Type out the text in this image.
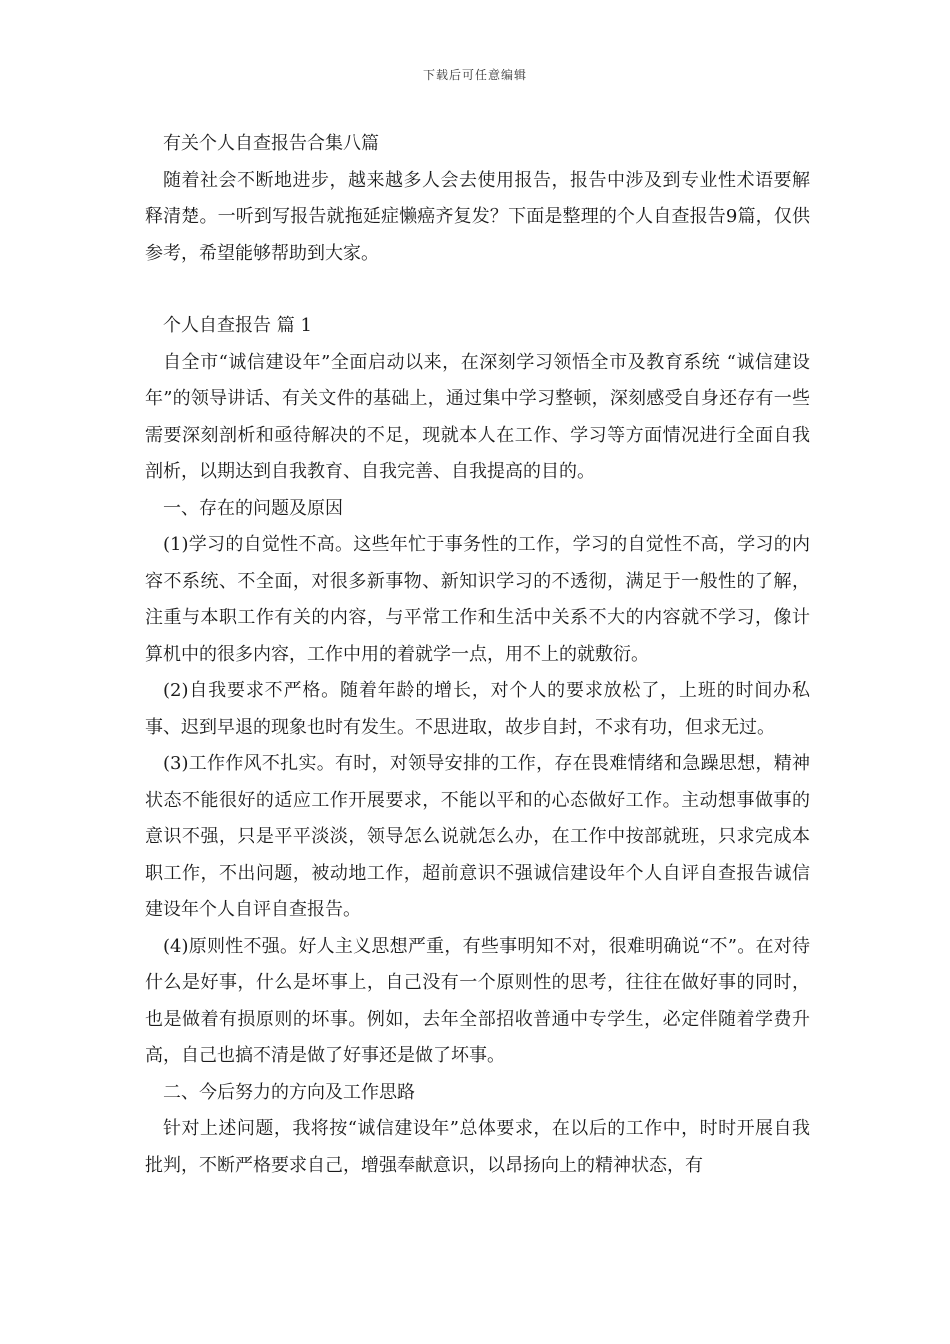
下载后可任意编辑

有关个人自查报告合集八篇

随着社会不断地进步，越来越多人会去使用报告，报告中涉及到专业性术语要解释清楚。一听到写报告就拖延症懒癌齐复发？下面是整理的个人自查报告9篇，仅供参考，希望能够帮助到大家。

个人自查报告 篇 1

自全市“诚信建设年”全面启动以来，在深刻学习领悟全市及教育系统 “诚信建设年”的领导讲话、有关文件的基础上，通过集中学习整顿，深刻感受自身还存有一些需要深刻剖析和亟待解决的不足，现就本人在工作、学习等方面情况进行全面自我剖析，以期达到自我教育、自我完善、自我提高的目的。

一、存在的问题及原因

(1)学习的自觉性不高。这些年忙于事务性的工作，学习的自觉性不高，学习的内容不系统、不全面，对很多新事物、新知识学习的不透彻，满足于一般性的了解，注重与本职工作有关的内容，与平常工作和生活中关系不大的内容就不学习，像计算机中的很多内容，工作中用的着就学一点，用不上的就敷衍。

(2)自我要求不严格。随着年龄的增长，对个人的要求放松了，上班的时间办私事、迟到早退的现象也时有发生。不思进取，故步自封，不求有功，但求无过。

(3)工作作风不扎实。有时，对领导安排的工作，存在畏难情绪和急躁思想，精神状态不能很好的适应工作开展要求，不能以平和的心态做好工作。主动想事做事的意识不强，只是平平淡淡，领导怎么说就怎么办，在工作中按部就班，只求完成本职工作，不出问题，被动地工作，超前意识不强诚信建设年个人自评自查报告诚信建设年个人自评自查报告。

(4)原则性不强。好人主义思想严重，有些事明知不对，很难明确说“不”。在对待什么是好事，什么是坏事上，自己没有一个原则性的思考，往往在做好事的同时，也是做着有损原则的坏事。例如，去年全部招收普通中专学生，必定伴随着学费升高，自己也搞不清是做了好事还是做了坏事。

二、今后努力的方向及工作思路

针对上述问题，我将按“诚信建设年”总体要求，在以后的工作中，时时开展自我批判，不断严格要求自己，增强奉献意识，以昂扬向上的精神状态，有
